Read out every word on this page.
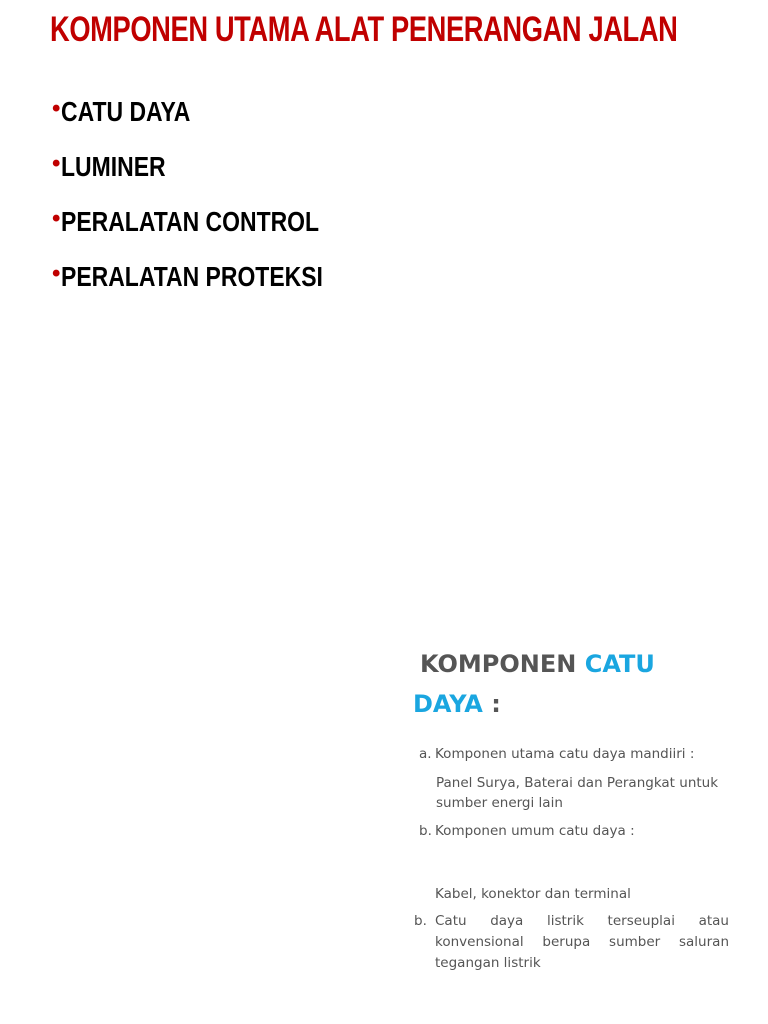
KOMPONEN UTAMA ALAT PENERANGAN JALAN
• CATU DAYA
• LUMINER
• PERALATAN CONTROL
• PERALATAN PROTEKSI
KOMPONEN CATU
DAYA :
a. Komponen utama catu daya mandiiri :
Panel Surya, Baterai dan Perangkat untuk sumber energi lain
b. Komponen umum catu daya :
Kabel, konektor dan terminal
b. Catu daya listrik terseuplai atau konvensional berupa sumber saluran tegangan listrik
